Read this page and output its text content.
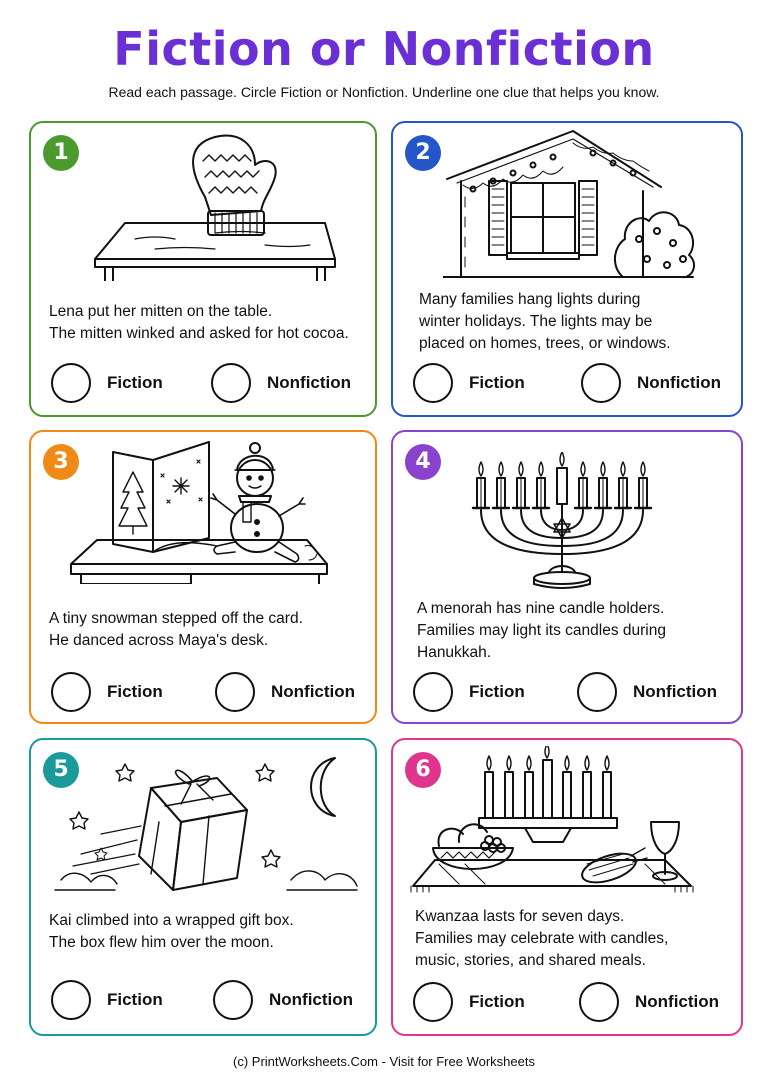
Fiction or Nonfiction
Read each passage. Circle Fiction or Nonfiction. Underline one clue that helps you know.
1
Lena put her mitten on the table.
The mitten winked and asked for hot cocoa.
Fiction	Nonfiction
2
Many families hang lights during
winter holidays. The lights may be
placed on homes, trees, or windows.
Fiction	Nonfiction
3
A tiny snowman stepped off the card.
He danced across Maya's desk.
Fiction	Nonfiction
4
A menorah has nine candle holders.
Families may light its candles during
Hanukkah.
Fiction	Nonfiction
5
Kai climbed into a wrapped gift box.
The box flew him over the moon.
Fiction	Nonfiction
6
Kwanzaa lasts for seven days.
Families may celebrate with candles,
music, stories, and shared meals.
Fiction	Nonfiction
(c) PrintWorksheets.Com - Visit for Free Worksheets
